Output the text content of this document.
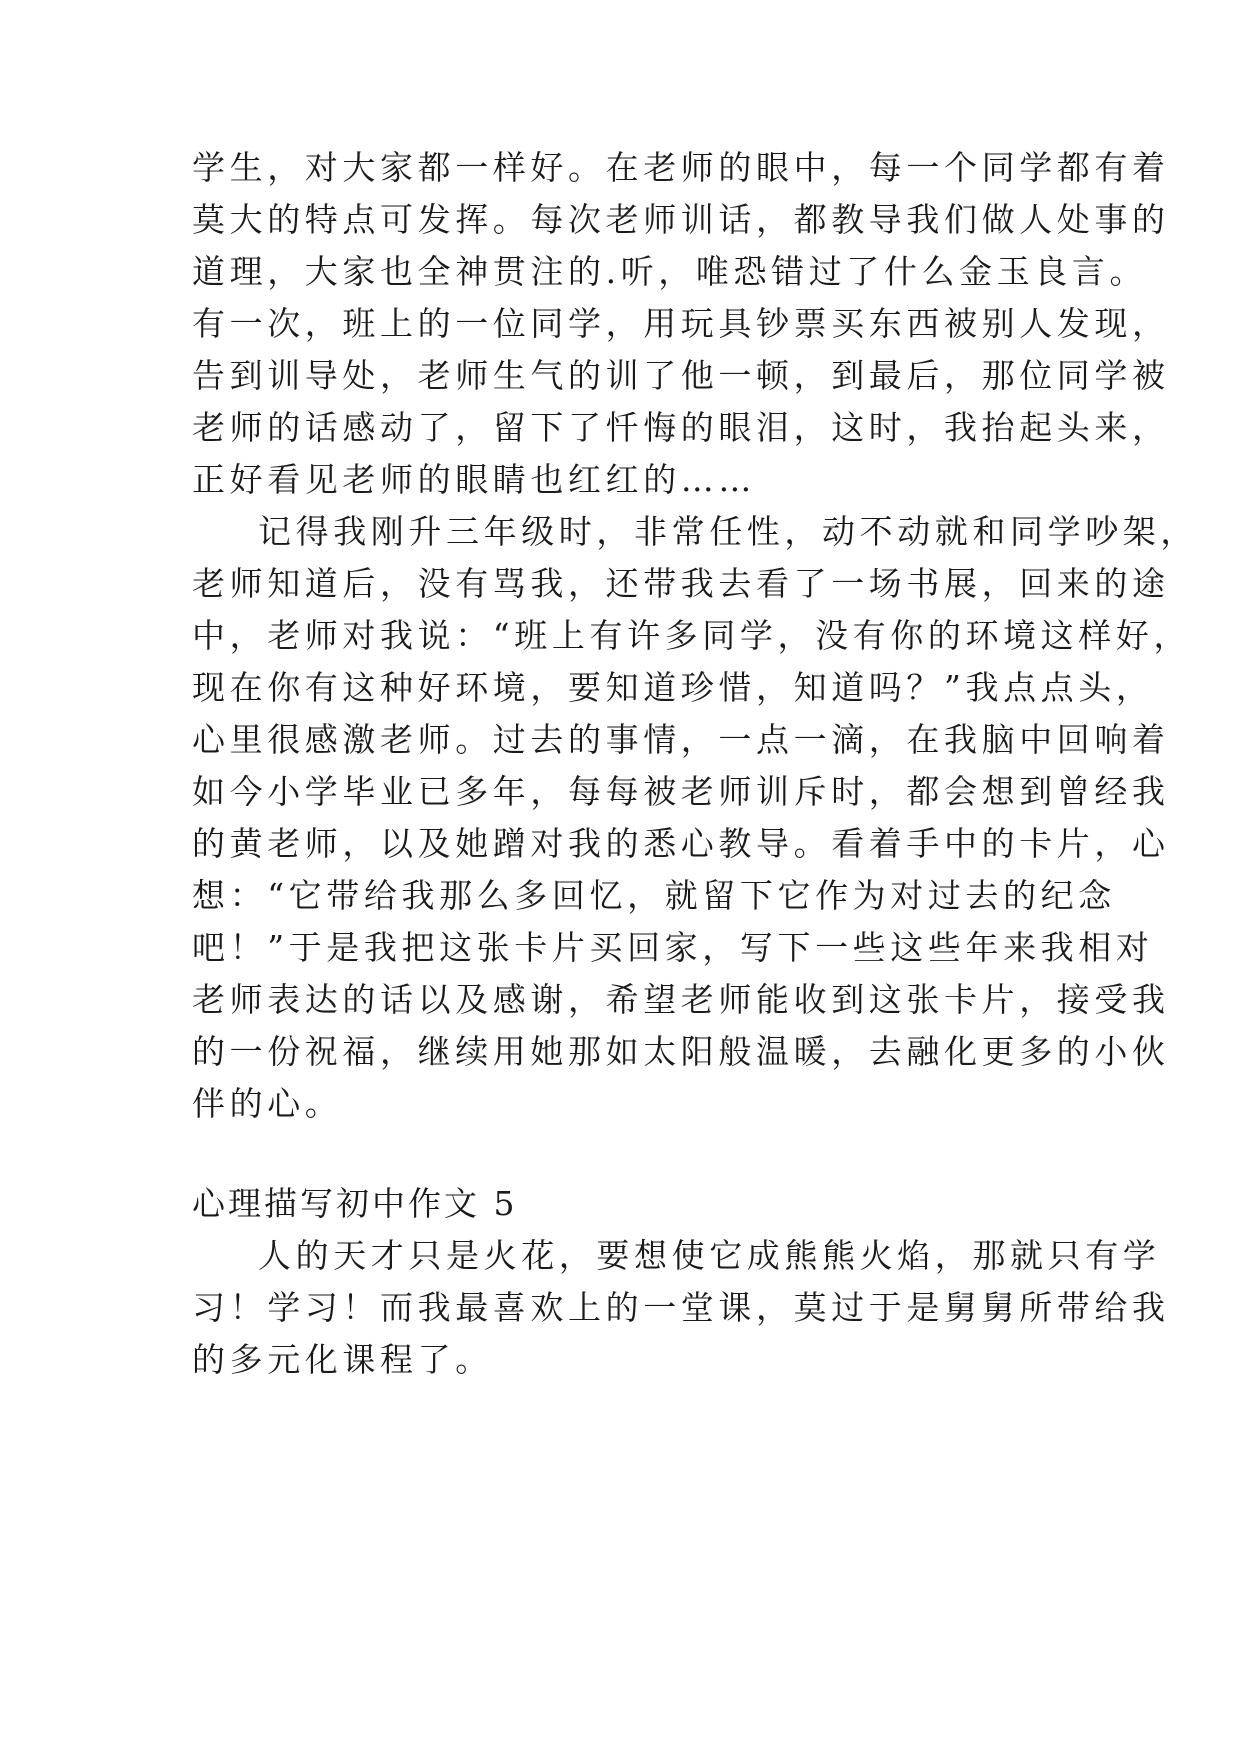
学生，对大家都一样好。在老师的眼中，每一个同学都有着
莫大的特点可发挥。每次老师训话，都教导我们做人处事的
道理，大家也全神贯注的.听，唯恐错过了什么金玉良言。
有一次，班上的一位同学，用玩具钞票买东西被别人发现，
告到训导处，老师生气的训了他一顿，到最后，那位同学被
老师的话感动了，留下了忏悔的眼泪，这时，我抬起头来，
正好看见老师的眼睛也红红的……
记得我刚升三年级时，非常任性，动不动就和同学吵架，
老师知道后，没有骂我，还带我去看了一场书展，回来的途
中，老师对我说：“班上有许多同学，没有你的环境这样好，
现在你有这种好环境，要知道珍惜，知道吗？”我点点头，
心里很感激老师。过去的事情，一点一滴，在我脑中回响着
如今小学毕业已多年，每每被老师训斥时，都会想到曾经我
的黄老师，以及她蹭对我的悉心教导。看着手中的卡片，心
想：“它带给我那么多回忆，就留下它作为对过去的纪念
吧！”于是我把这张卡片买回家，写下一些这些年来我相对
老师表达的话以及感谢，希望老师能收到这张卡片，接受我
的一份祝福，继续用她那如太阳般温暖，去融化更多的小伙
伴的心。
心理描写初中作文 5
人的天才只是火花，要想使它成熊熊火焰，那就只有学
习！学习！而我最喜欢上的一堂课，莫过于是舅舅所带给我
的多元化课程了。
